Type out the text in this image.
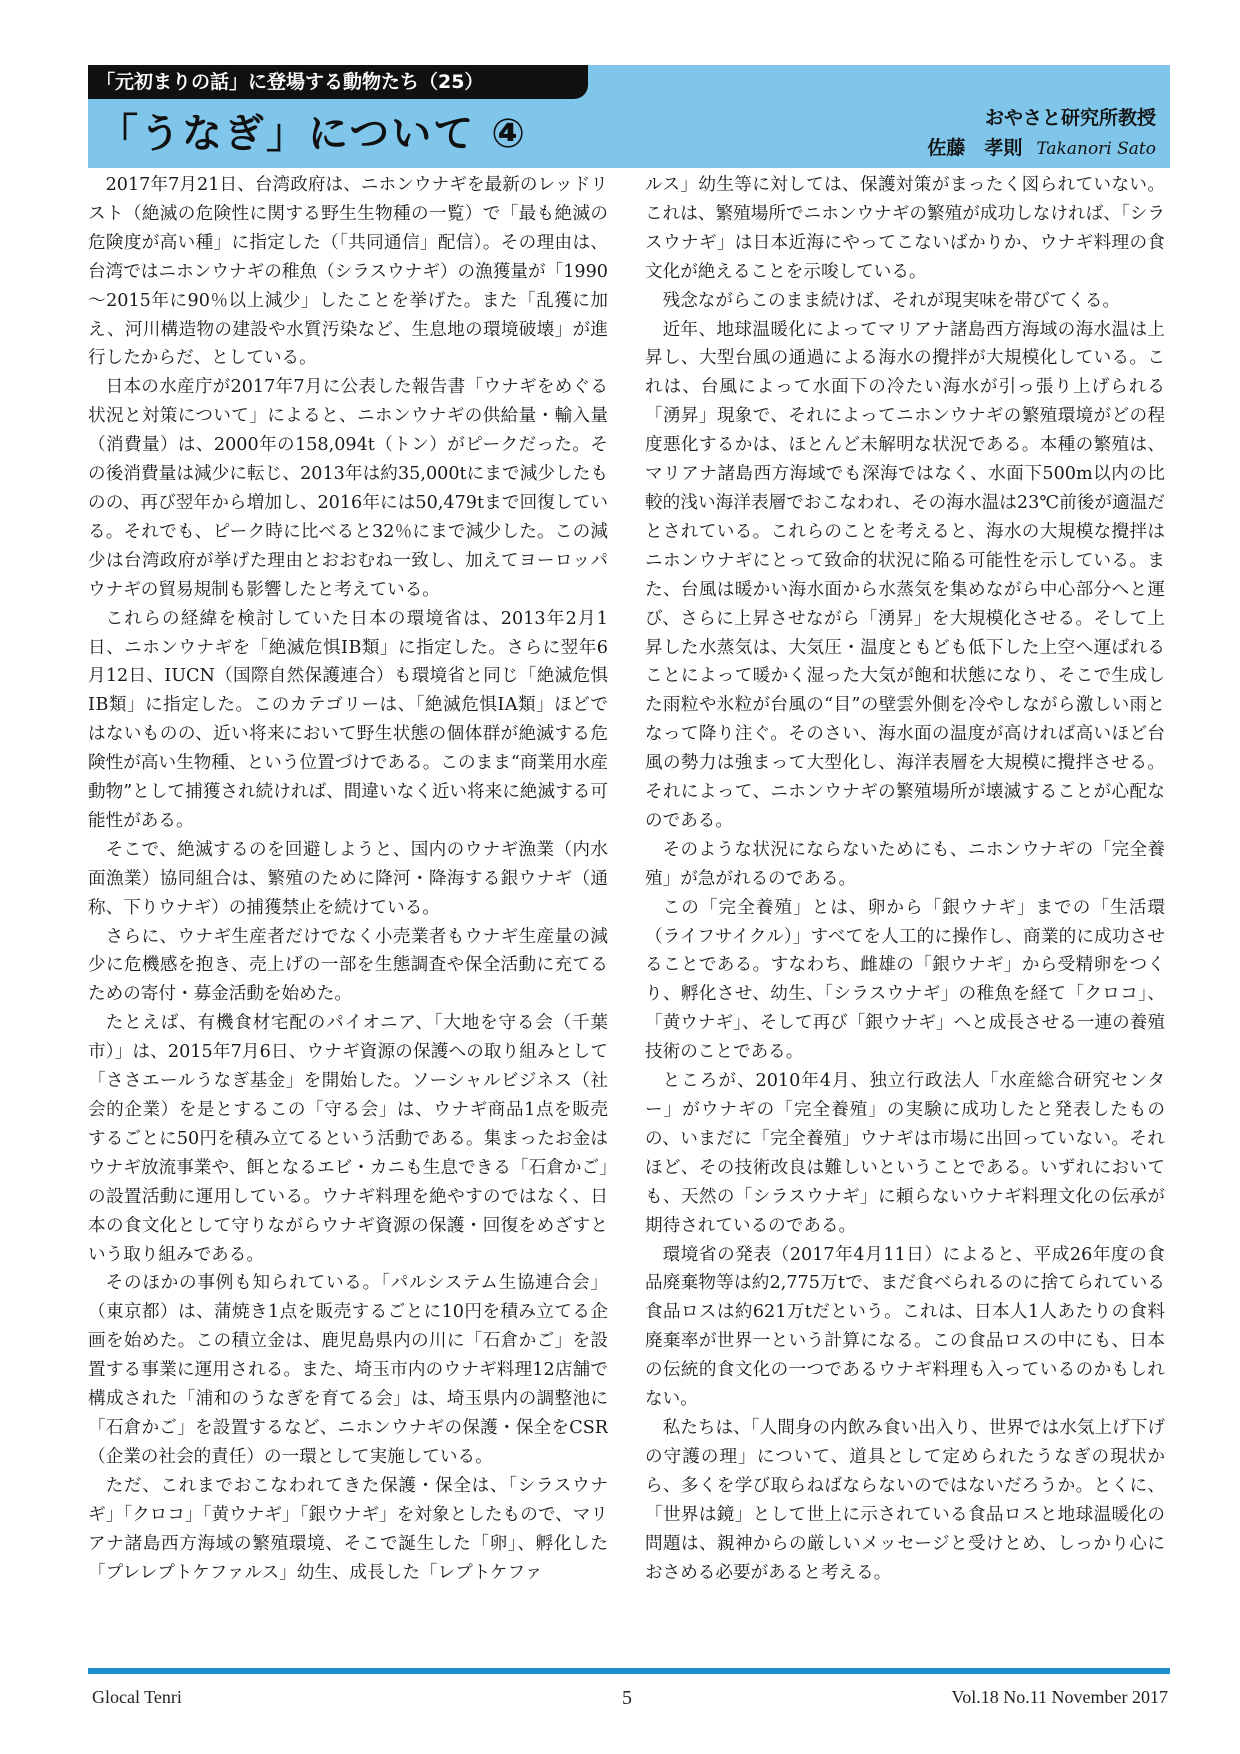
「元初まりの話」に登場する動物たち（25）
「うなぎ」について ④	おやさと研究所教授
佐藤　孝則 Takanori Sato

2017年7月21日、台湾政府は、ニホンウナギを最新のレッドリスト（絶滅の危険性に関する野生生物種の一覧）で「最も絶滅の危険度が高い種」に指定した（「共同通信」配信）。その理由は、台湾ではニホンウナギの稚魚（シラスウナギ）の漁獲量が「1990～2015年に90％以上減少」したことを挙げた。また「乱獲に加え、河川構造物の建設や水質汚染など、生息地の環境破壊」が進行したからだ、としている。

日本の水産庁が2017年7月に公表した報告書「ウナギをめぐる状況と対策について」によると、ニホンウナギの供給量・輸入量（消費量）は、2000年の158,094t（トン）がピークだった。その後消費量は減少に転じ、2013年は約35,000tにまで減少したものの、再び翌年から増加し、2016年には50,479tまで回復している。それでも、ピーク時に比べると32％にまで減少した。この減少は台湾政府が挙げた理由とおおむね一致し、加えてヨーロッパウナギの貿易規制も影響したと考えている。

これらの経緯を検討していた日本の環境省は、2013年2月1日、ニホンウナギを「絶滅危惧ⅠB類」に指定した。さらに翌年6月12日、IUCN（国際自然保護連合）も環境省と同じ「絶滅危惧ⅠB類」に指定した。このカテゴリーは、「絶滅危惧ⅠA類」ほどではないものの、近い将来において野生状態の個体群が絶滅する危険性が高い生物種、という位置づけである。このまま“商業用水産動物”として捕獲され続ければ、間違いなく近い将来に絶滅する可能性がある。

そこで、絶滅するのを回避しようと、国内のウナギ漁業（内水面漁業）協同組合は、繁殖のために降河・降海する銀ウナギ（通称、下りウナギ）の捕獲禁止を続けている。

さらに、ウナギ生産者だけでなく小売業者もウナギ生産量の減少に危機感を抱き、売上げの一部を生態調査や保全活動に充てるための寄付・募金活動を始めた。

たとえば、有機食材宅配のパイオニア、「大地を守る会（千葉市）」は、2015年7月6日、ウナギ資源の保護への取り組みとして「ささエールうなぎ基金」を開始した。ソーシャルビジネス（社会的企業）を是とするこの「守る会」は、ウナギ商品1点を販売するごとに50円を積み立てるという活動である。集まったお金はウナギ放流事業や、餌となるエビ・カニも生息できる「石倉かご」の設置活動に運用している。ウナギ料理を絶やすのではなく、日本の食文化として守りながらウナギ資源の保護・回復をめざすという取り組みである。

そのほかの事例も知られている。「パルシステム生協連合会」（東京都）は、蒲焼き1点を販売するごとに10円を積み立てる企画を始めた。この積立金は、鹿児島県内の川に「石倉かご」を設置する事業に運用される。また、埼玉市内のウナギ料理12店舗で構成された「浦和のうなぎを育てる会」は、埼玉県内の調整池に「石倉かご」を設置するなど、ニホンウナギの保護・保全をCSR（企業の社会的責任）の一環として実施している。

ただ、これまでおこなわれてきた保護・保全は、「シラスウナギ」「クロコ」「黄ウナギ」「銀ウナギ」を対象としたもので、マリアナ諸島西方海域の繁殖環境、そこで誕生した「卵」、孵化した「プレレプトケファルス」幼生、成長した「レプトケファ

ルス」幼生等に対しては、保護対策がまったく図られていない。これは、繁殖場所でニホンウナギの繁殖が成功しなければ、「シラスウナギ」は日本近海にやってこないばかりか、ウナギ料理の食文化が絶えることを示唆している。

残念ながらこのまま続けば、それが現実味を帯びてくる。

近年、地球温暖化によってマリアナ諸島西方海域の海水温は上昇し、大型台風の通過による海水の攪拌が大規模化している。これは、台風によって水面下の冷たい海水が引っ張り上げられる「湧昇」現象で、それによってニホンウナギの繁殖環境がどの程度悪化するかは、ほとんど未解明な状況である。本種の繁殖は、マリアナ諸島西方海域でも深海ではなく、水面下500m以内の比較的浅い海洋表層でおこなわれ、その海水温は23℃前後が適温だとされている。これらのことを考えると、海水の大規模な攪拌はニホンウナギにとって致命的状況に陥る可能性を示している。また、台風は暖かい海水面から水蒸気を集めながら中心部分へと運び、さらに上昇させながら「湧昇」を大規模化させる。そして上昇した水蒸気は、大気圧・温度ともども低下した上空へ運ばれることによって暖かく湿った大気が飽和状態になり、そこで生成した雨粒や氷粒が台風の“目”の壁雲外側を冷やしながら激しい雨となって降り注ぐ。そのさい、海水面の温度が高ければ高いほど台風の勢力は強まって大型化し、海洋表層を大規模に攪拌させる。それによって、ニホンウナギの繁殖場所が壊滅することが心配なのである。

そのような状況にならないためにも、ニホンウナギの「完全養殖」が急がれるのである。

この「完全養殖」とは、卵から「銀ウナギ」までの「生活環（ライフサイクル）」すべてを人工的に操作し、商業的に成功させることである。すなわち、雌雄の「銀ウナギ」から受精卵をつくり、孵化させ、幼生、「シラスウナギ」の稚魚を経て「クロコ」、「黄ウナギ」、そして再び「銀ウナギ」へと成長させる一連の養殖技術のことである。

ところが、2010年4月、独立行政法人「水産総合研究センター」がウナギの「完全養殖」の実験に成功したと発表したものの、いまだに「完全養殖」ウナギは市場に出回っていない。それほど、その技術改良は難しいということである。いずれにおいても、天然の「シラスウナギ」に頼らないウナギ料理文化の伝承が期待されているのである。

環境省の発表（2017年4月11日）によると、平成26年度の食品廃棄物等は約2,775万tで、まだ食べられるのに捨てられている食品ロスは約621万tだという。これは、日本人1人あたりの食料廃棄率が世界一という計算になる。この食品ロスの中にも、日本の伝統的食文化の一つであるウナギ料理も入っているのかもしれない。

私たちは、「人間身の内飲み食い出入り、世界では水気上げ下げの守護の理」について、道具として定められたうなぎの現状から、多くを学び取らねばならないのではないだろうか。とくに、「世界は鏡」として世上に示されている食品ロスと地球温暖化の問題は、親神からの厳しいメッセージと受けとめ、しっかり心におさめる必要があると考える。

Glocal Tenri	5	Vol.18 No.11 November 2017
